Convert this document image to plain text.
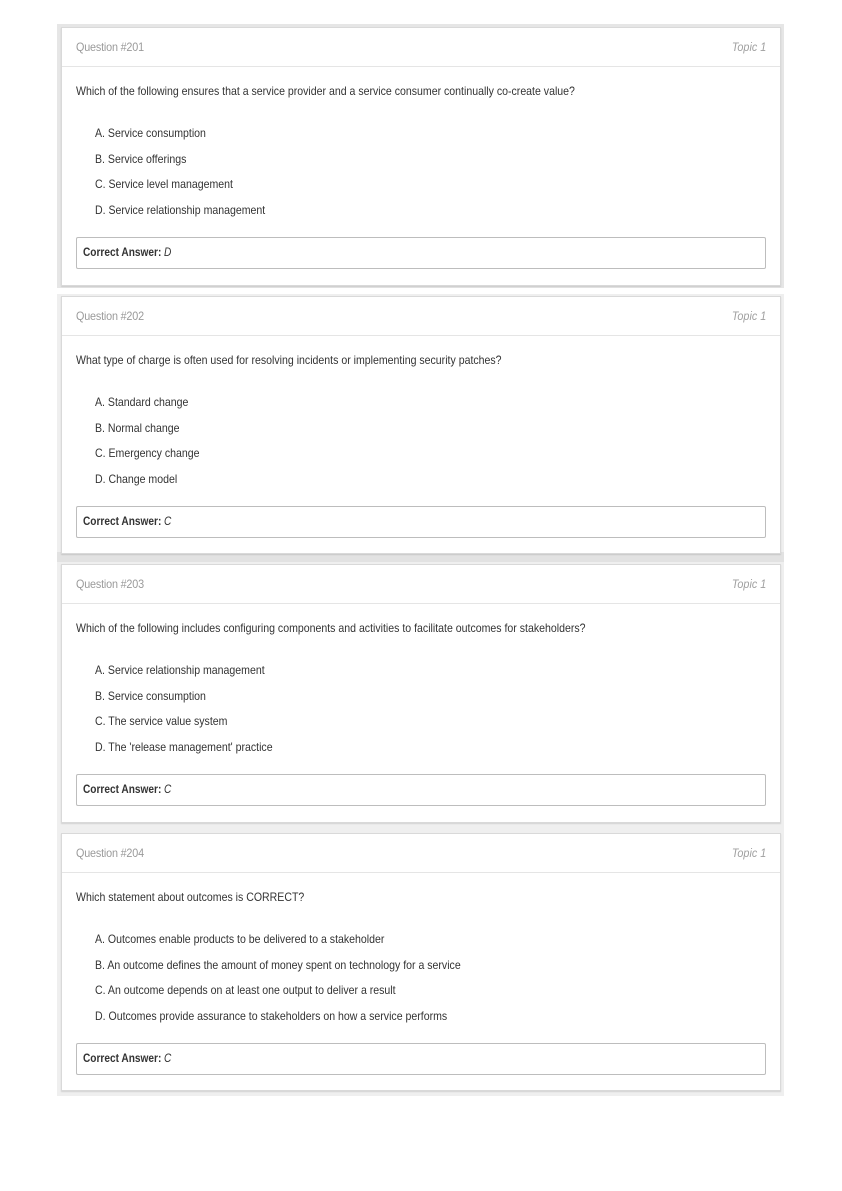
Question #201	Topic 1
Which of the following ensures that a service provider and a service consumer continually co-create value?
A. Service consumption
B. Service offerings
C. Service level management
D. Service relationship management
Correct Answer: D
Question #202	Topic 1
What type of charge is often used for resolving incidents or implementing security patches?
A. Standard change
B. Normal change
C. Emergency change
D. Change model
Correct Answer: C
Question #203	Topic 1
Which of the following includes configuring components and activities to facilitate outcomes for stakeholders?
A. Service relationship management
B. Service consumption
C. The service value system
D. The 'release management' practice
Correct Answer: C
Question #204	Topic 1
Which statement about outcomes is CORRECT?
A. Outcomes enable products to be delivered to a stakeholder
B. An outcome defines the amount of money spent on technology for a service
C. An outcome depends on at least one output to deliver a result
D. Outcomes provide assurance to stakeholders on how a service performs
Correct Answer: C
